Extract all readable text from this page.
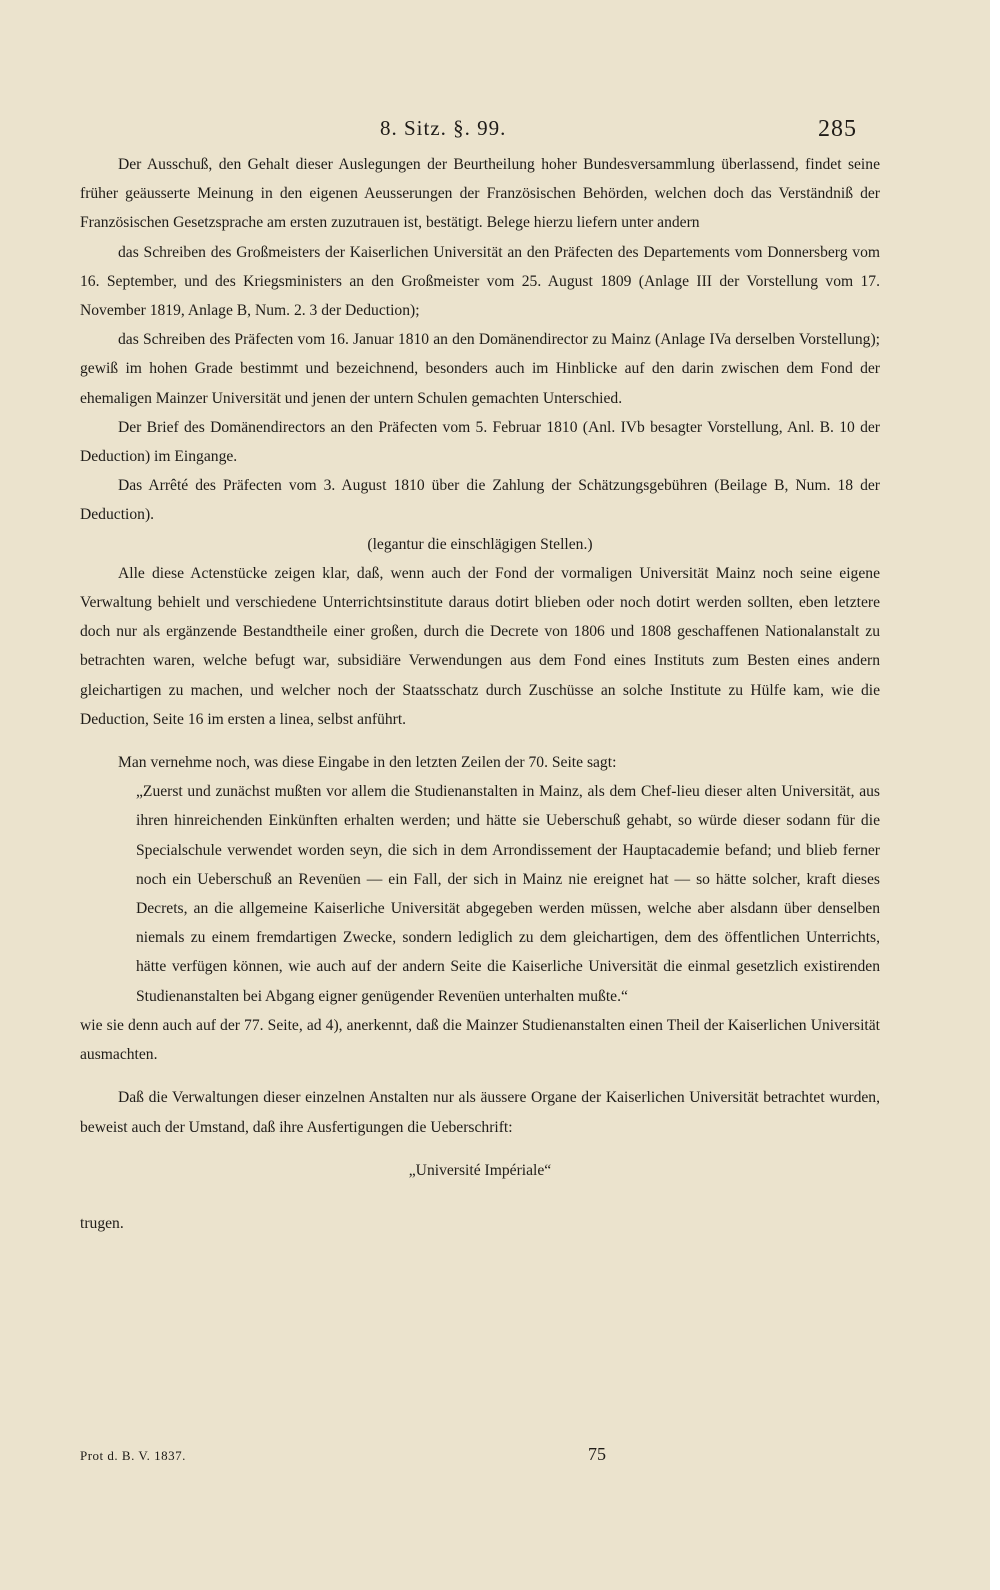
8. Sitz. §. 99.	285

Der Ausschuß, den Gehalt dieser Auslegungen der Beurtheilung hoher Bundesversammlung überlassend, findet seine früher geäusserte Meinung in den eigenen Aeusserungen der Französischen Behörden, welchen doch das Verständniß der Französischen Gesetzsprache am ersten zuzutrauen ist, bestätigt. Belege hierzu liefern unter andern

das Schreiben des Großmeisters der Kaiserlichen Universität an den Präfecten des Departements vom Donnersberg vom 16. September, und des Kriegsministers an den Großmeister vom 25. August 1809 (Anlage III der Vorstellung vom 17. November 1819, Anlage B, Num. 2. 3 der Deduction);

das Schreiben des Präfecten vom 16. Januar 1810 an den Domänendirector zu Mainz (Anlage IVa derselben Vorstellung); gewiß im hohen Grade bestimmt und bezeichnend, besonders auch im Hinblicke auf den darin zwischen dem Fond der ehemaligen Mainzer Universität und jenen der untern Schulen gemachten Unterschied.

Der Brief des Domänendirectors an den Präfecten vom 5. Februar 1810 (Anl. IVb besagter Vorstellung, Anl. B. 10 der Deduction) im Eingange.

Das Arrêté des Präfecten vom 3. August 1810 über die Zahlung der Schätzungsgebühren (Beilage B, Num. 18 der Deduction).

(legantur die einschlägigen Stellen.)

Alle diese Actenstücke zeigen klar, daß, wenn auch der Fond der vormaligen Universität Mainz noch seine eigene Verwaltung behielt und verschiedene Unterrichtsinstitute daraus dotirt blieben oder noch dotirt werden sollten, eben letztere doch nur als ergänzende Bestandtheile einer großen, durch die Decrete von 1806 und 1808 geschaffenen Nationalanstalt zu betrachten waren, welche befugt war, subsidiäre Verwendungen aus dem Fond eines Instituts zum Besten eines andern gleichartigen zu machen, und welcher noch der Staatsschatz durch Zuschüsse an solche Institute zu Hülfe kam, wie die Deduction, Seite 16 im ersten a linea, selbst anführt.

Man vernehme noch, was diese Eingabe in den letzten Zeilen der 70. Seite sagt:

„Zuerst und zunächst mußten vor allem die Studienanstalten in Mainz, als dem Chef-lieu dieser alten Universität, aus ihren hinreichenden Einkünften erhalten werden; und hätte sie Ueberschuß gehabt, so würde dieser sodann für die Specialschule verwendet worden seyn, die sich in dem Arrondissement der Hauptacademie befand; und blieb ferner noch ein Ueberschuß an Revenüen — ein Fall, der sich in Mainz nie ereignet hat — so hätte solcher, kraft dieses Decrets, an die allgemeine Kaiserliche Universität abgegeben werden müssen, welche aber alsdann über denselben niemals zu einem fremdartigen Zwecke, sondern lediglich zu dem gleichartigen, dem des öffentlichen Unterrichts, hätte verfügen können, wie auch auf der andern Seite die Kaiserliche Universität die einmal gesetzlich existirenden Studienanstalten bei Abgang eigner genügender Revenüen unterhalten mußte.“

wie sie denn auch auf der 77. Seite, ad 4), anerkennt, daß die Mainzer Studienanstalten einen Theil der Kaiserlichen Universität ausmachten.

Daß die Verwaltungen dieser einzelnen Anstalten nur als äussere Organe der Kaiserlichen Universität betrachtet wurden, beweist auch der Umstand, daß ihre Ausfertigungen die Ueberschrift:

„Université Impériale“

trugen.

Prot d. B. V. 1837.	75
